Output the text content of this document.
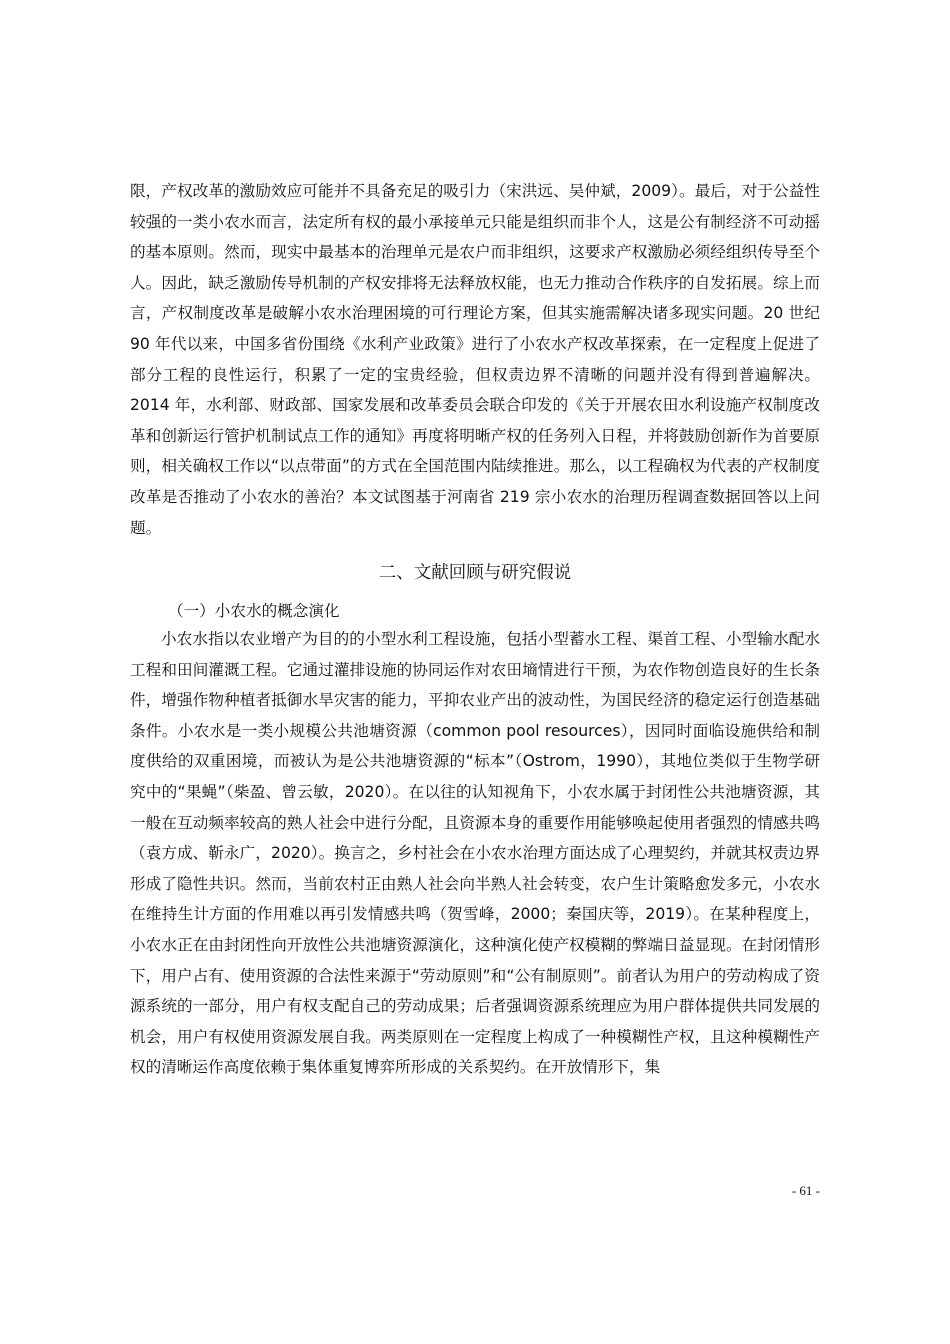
限，产权改革的激励效应可能并不具备充足的吸引力（宋洪远、吴仲斌，2009）。最后，对于公益性较强的一类小农水而言，法定所有权的最小承接单元只能是组织而非个人，这是公有制经济不可动摇的基本原则。然而，现实中最基本的治理单元是农户而非组织，这要求产权激励必须经组织传导至个人。因此，缺乏激励传导机制的产权安排将无法释放权能，也无力推动合作秩序的自发拓展。综上而言，产权制度改革是破解小农水治理困境的可行理论方案，但其实施需解决诸多现实问题。20 世纪 90 年代以来，中国多省份围绕《水利产业政策》进行了小农水产权改革探索，在一定程度上促进了部分工程的良性运行，积累了一定的宝贵经验，但权责边界不清晰的问题并没有得到普遍解决。2014 年，水利部、财政部、国家发展和改革委员会联合印发的《关于开展农田水利设施产权制度改革和创新运行管护机制试点工作的通知》再度将明晰产权的任务列入日程，并将鼓励创新作为首要原则，相关确权工作以“以点带面”的方式在全国范围内陆续推进。那么，以工程确权为代表的产权制度改革是否推动了小农水的善治？本文试图基于河南省 219 宗小农水的治理历程调查数据回答以上问题。

二、文献回顾与研究假说
（一）小农水的概念演化

小农水指以农业增产为目的的小型水利工程设施，包括小型蓄水工程、渠首工程、小型输水配水工程和田间灌溉工程。它通过灌排设施的协同运作对农田墒情进行干预，为农作物创造良好的生长条件，增强作物种植者抵御水旱灾害的能力，平抑农业产出的波动性，为国民经济的稳定运行创造基础条件。小农水是一类小规模公共池塘资源（common pool resources），因同时面临设施供给和制度供给的双重困境，而被认为是公共池塘资源的“标本”（Ostrom，1990），其地位类似于生物学研究中的“果蝇”（柴盈、曾云敏，2020）。在以往的认知视角下，小农水属于封闭性公共池塘资源，其一般在互动频率较高的熟人社会中进行分配，且资源本身的重要作用能够唤起使用者强烈的情感共鸣（袁方成、靳永广，2020）。换言之，乡村社会在小农水治理方面达成了心理契约，并就其权责边界形成了隐性共识。然而，当前农村正由熟人社会向半熟人社会转变，农户生计策略愈发多元，小农水在维持生计方面的作用难以再引发情感共鸣（贺雪峰，2000；秦国庆等，2019）。在某种程度上，小农水正在由封闭性向开放性公共池塘资源演化，这种演化使产权模糊的弊端日益显现。在封闭情形下，用户占有、使用资源的合法性来源于“劳动原则”和“公有制原则”。前者认为用户的劳动构成了资源系统的一部分，用户有权支配自己的劳动成果；后者强调资源系统理应为用户群体提供共同发展的机会，用户有权使用资源发展自我。两类原则在一定程度上构成了一种模糊性产权，且这种模糊性产权的清晰运作高度依赖于集体重复博弈所形成的关系契约。在开放情形下，集

- 61 -
